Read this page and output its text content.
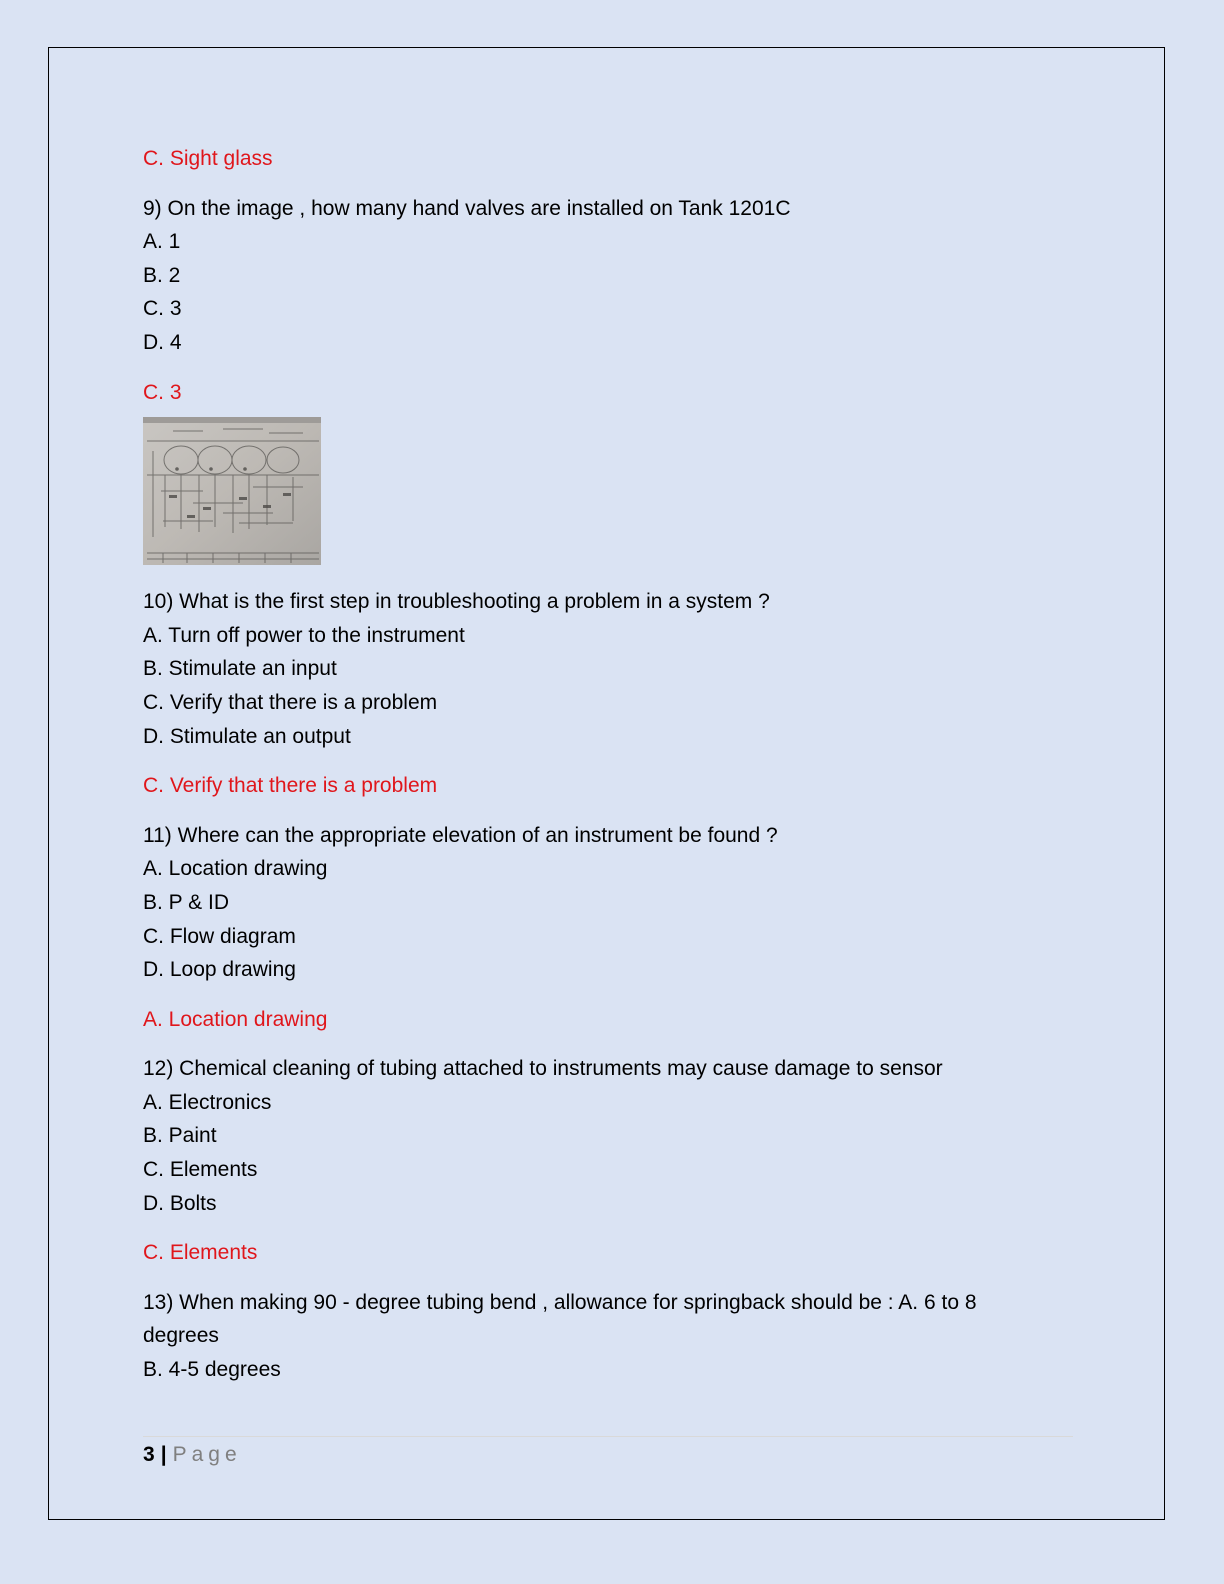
C. Sight glass
9) On the image , how many hand valves are installed on Tank 1201C
A. 1
B. 2
C. 3
D. 4
C. 3
10) What is the first step in troubleshooting a problem in a system ?
A. Turn off power to the instrument
B. Stimulate an input
C. Verify that there is a problem
D. Stimulate an output
C. Verify that there is a problem
11) Where can the appropriate elevation of an instrument be found ?
A. Location drawing
B. P & ID
C. Flow diagram
D. Loop drawing
A. Location drawing
12) Chemical cleaning of tubing attached to instruments may cause damage to sensor
A. Electronics
B. Paint
C. Elements
D. Bolts
C. Elements
13) When making 90 - degree tubing bend , allowance for springback should be : A. 6 to 8 degrees
B. 4-5 degrees
3 | Page
